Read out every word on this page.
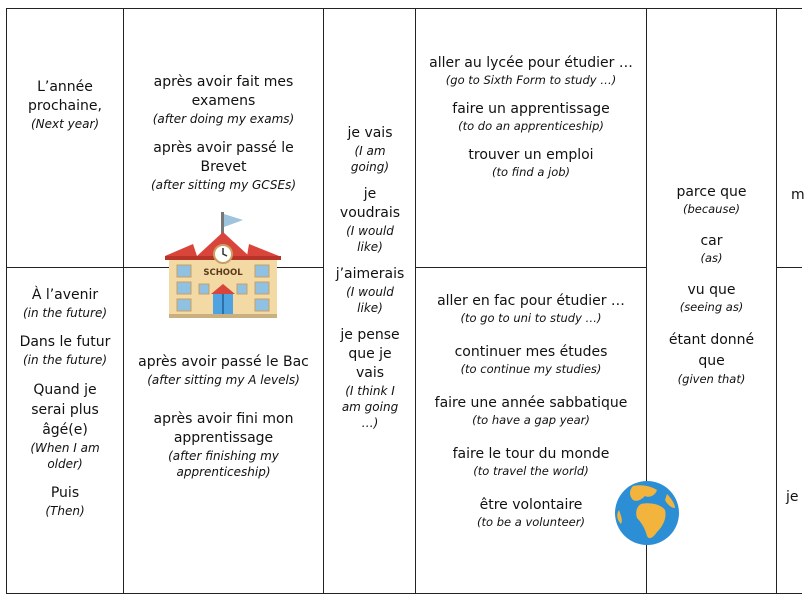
L’année prochaine,
(Next year)
À l’avenir
(in the future)
Dans le futur
(in the future)
Quand je serai plus âgé(e)
(When I am older)
Puis
(Then)
après avoir fait mes examens
(after doing my exams)
après avoir passé le Brevet
(after sitting my GCSEs)
SCHOOL
après avoir passé le Bac
(after sitting my A levels)
après avoir fini mon apprentissage
(after finishing my apprenticeship)
je vais
(I am going)
je voudrais
(I would like)
j’aimerais
(I would like)
je pense que je vais
(I think I am going …)
aller au lycée pour étudier …
(go to Sixth Form to study …)
faire un apprentissage
(to do an apprenticeship)
trouver un emploi
(to find a job)
aller en fac pour étudier …
(to go to uni to study …)
continuer mes études
(to continue my studies)
faire une année sabbatique
(to have a gap year)
faire le tour du monde
(to travel the world)
être volontaire
(to be a volunteer)
parce que
(because)
car
(as)
vu que
(seeing as)
étant donné que
(given that)
m
je
